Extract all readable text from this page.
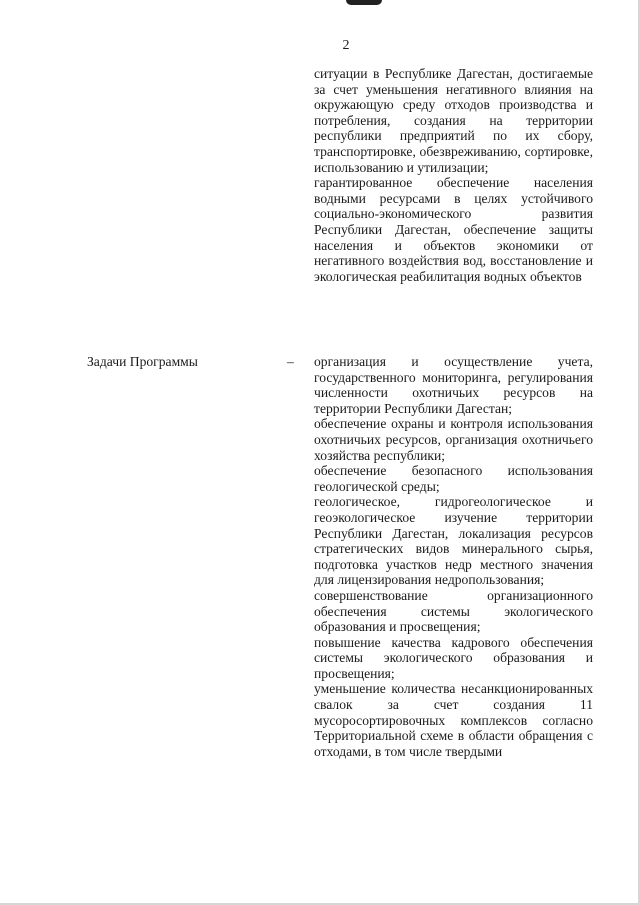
2

ситуации в Республике Дагестан, достигаемые за счет уменьшения негативного влияния на окружающую среду отходов производства и потребления, создания на территории республики предприятий по их сбору, транспортировке, обезвреживанию, сортировке, использованию и утилизации;

гарантированное обеспечение населения водными ресурсами в целях устойчивого социально-экономического развития Республики Дагестан, обеспечение защиты населения и объектов экономики от негативного воздействия вод, восстановление и экологическая реабилитация водных объектов

Задачи Программы	– организация и осуществление учета, государственного мониторинга, регулирования численности охотничьих ресурсов на территории Республики Дагестан;

обеспечение охраны и контроля использования охотничьих ресурсов, организация охотничьего хозяйства республики;

обеспечение безопасного использования геологической среды;

геологическое, гидрогеологическое и геоэкологическое изучение территории Республики Дагестан, локализация ресурсов стратегических видов минерального сырья, подготовка участков недр местного значения для лицензирования недропользования;

совершенствование организационного обеспечения системы экологического образования и просвещения;

повышение качества кадрового обеспечения системы экологического образования и просвещения;

уменьшение количества несанкционированных свалок за счет создания 11 мусоросортировочных комплексов согласно Территориальной схеме в области обращения с отходами, в том числе твердыми
